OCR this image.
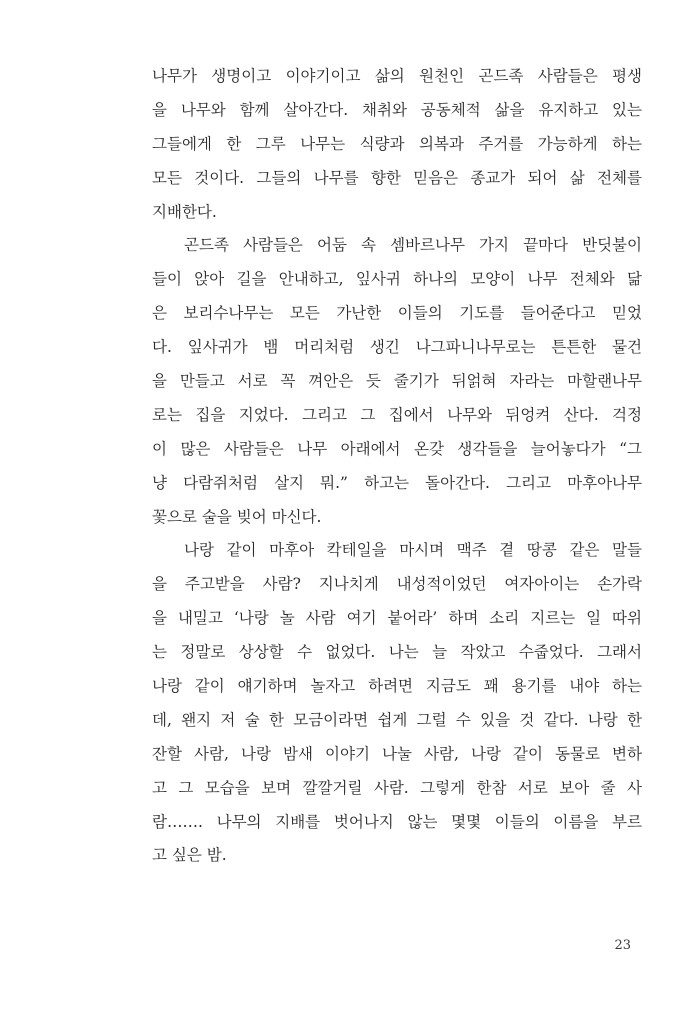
나무가 생명이고 이야기이고 삶의 원천인 곤드족 사람들은 평생
을 나무와 함께 살아간다. 채취와 공동체적 삶을 유지하고 있는
그들에게 한 그루 나무는 식량과 의복과 주거를 가능하게 하는
모든 것이다. 그들의 나무를 향한 믿음은 종교가 되어 삶 전체를
지배한다.
곤드족 사람들은 어둠 속 셈바르나무 가지 끝마다 반딧불이
들이 앉아 길을 안내하고, 잎사귀 하나의 모양이 나무 전체와 닮
은 보리수나무는 모든 가난한 이들의 기도를 들어준다고 믿었
다. 잎사귀가 뱀 머리처럼 생긴 나그파니나무로는 튼튼한 물건
을 만들고 서로 꼭 껴안은 듯 줄기가 뒤얽혀 자라는 마할랜나무
로는 집을 지었다. 그리고 그 집에서 나무와 뒤엉켜 산다. 걱정
이 많은 사람들은 나무 아래에서 온갖 생각들을 늘어놓다가 “그
냥 다람쥐처럼 살지 뭐.” 하고는 돌아간다. 그리고 마후아나무
꽃으로 술을 빚어 마신다.
나랑 같이 마후아 칵테일을 마시며 맥주 곁 땅콩 같은 말들
을 주고받을 사람? 지나치게 내성적이었던 여자아이는 손가락
을 내밀고 ‘나랑 놀 사람 여기 붙어라’ 하며 소리 지르는 일 따위
는 정말로 상상할 수 없었다. 나는 늘 작았고 수줍었다. 그래서
나랑 같이 얘기하며 놀자고 하려면 지금도 꽤 용기를 내야 하는
데, 왠지 저 술 한 모금이라면 쉽게 그럴 수 있을 것 같다. 나랑 한
잔할 사람, 나랑 밤새 이야기 나눌 사람, 나랑 같이 동물로 변하
고 그 모습을 보며 깔깔거릴 사람. 그렇게 한참 서로 보아 줄 사
람……. 나무의 지배를 벗어나지 않는 몇몇 이들의 이름을 부르
고 싶은 밤.
23
